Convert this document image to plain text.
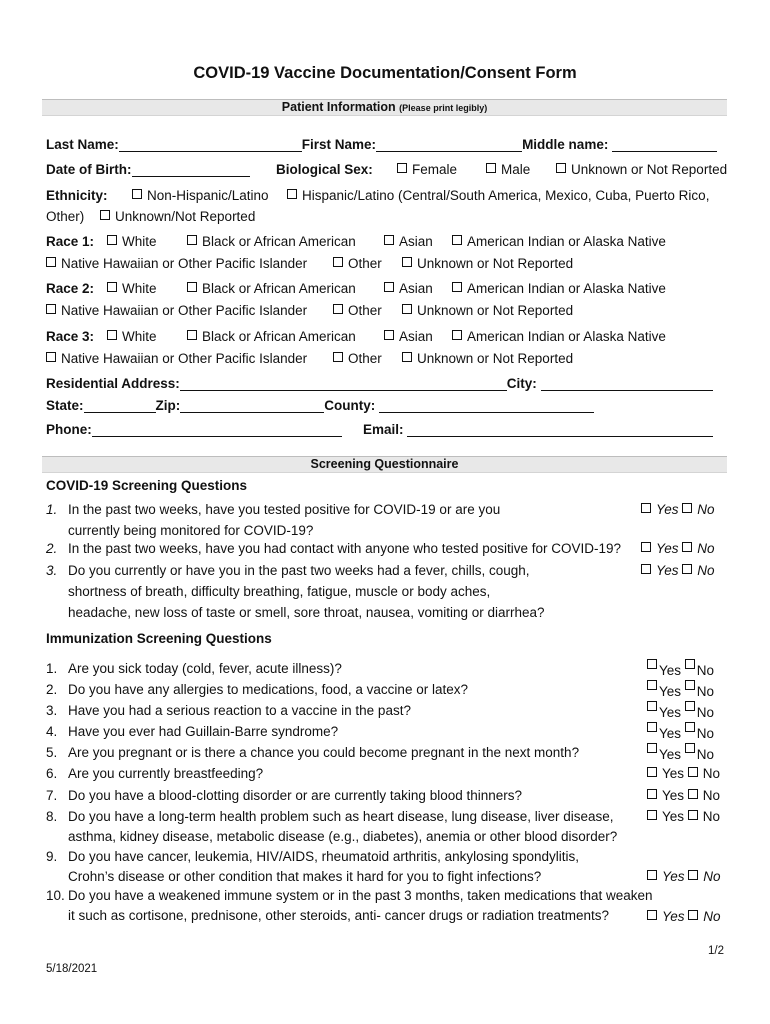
COVID-19 Vaccine Documentation/Consent Form
Patient Information (Please print legibly)
Last Name:	First Name:	Middle name:
Date of Birth:	Biological Sex:	Female	Male	Unknown or Not Reported
Ethnicity:	Non-Hispanic/Latino	Hispanic/Latino (Central/South America, Mexico, Cuba, Puerto Rico,
Other)	Unknown/Not Reported
Race 1:	White	Black or African American	Asian	American Indian or Alaska Native
Native Hawaiian or Other Pacific Islander	Other	Unknown or Not Reported
Race 2:	White	Black or African American	Asian	American Indian or Alaska Native
Native Hawaiian or Other Pacific Islander	Other	Unknown or Not Reported
Race 3:	White	Black or African American	Asian	American Indian or Alaska Native
Native Hawaiian or Other Pacific Islander	Other	Unknown or Not Reported
Residential Address:	City:
State:	Zip:	County:
Phone:	Email:
Screening Questionnaire
COVID-19 Screening Questions
1. In the past two weeks, have you tested positive for COVID-19 or are you
currently being monitored for COVID-19?
Yes No
2. In the past two weeks, have you had contact with anyone who tested positive for COVID-19?	Yes No
3. Do you currently or have you in the past two weeks had a fever, chills, cough,
shortness of breath, difficulty breathing, fatigue, muscle or body aches,
headache, new loss of taste or smell, sore throat, nausea, vomiting or diarrhea?
Yes No
Immunization Screening Questions
1. Are you sick today (cold, fever, acute illness)?	Yes No
2. Do you have any allergies to medications, food, a vaccine or latex?	Yes No
3. Have you had a serious reaction to a vaccine in the past?	Yes No
4. Have you ever had Guillain-Barre syndrome?	Yes No
5. Are you pregnant or is there a chance you could become pregnant in the next month?	Yes No
6. Are you currently breastfeeding?	Yes No
7. Do you have a blood-clotting disorder or are currently taking blood thinners?	Yes No
8. Do you have a long-term health problem such as heart disease, lung disease, liver disease,
asthma, kidney disease, metabolic disease (e.g., diabetes), anemia or other blood disorder?
Yes No
9. Do you have cancer, leukemia, HIV/AIDS, rheumatoid arthritis, ankylosing spondylitis,
Crohn’s disease or other condition that makes it hard for you to fight infections?	Yes No
10. Do you have a weakened immune system or in the past 3 months, taken medications that weaken
it such as cortisone, prednisone, other steroids, anti- cancer drugs or radiation treatments?	Yes No
1/2
5/18/2021
